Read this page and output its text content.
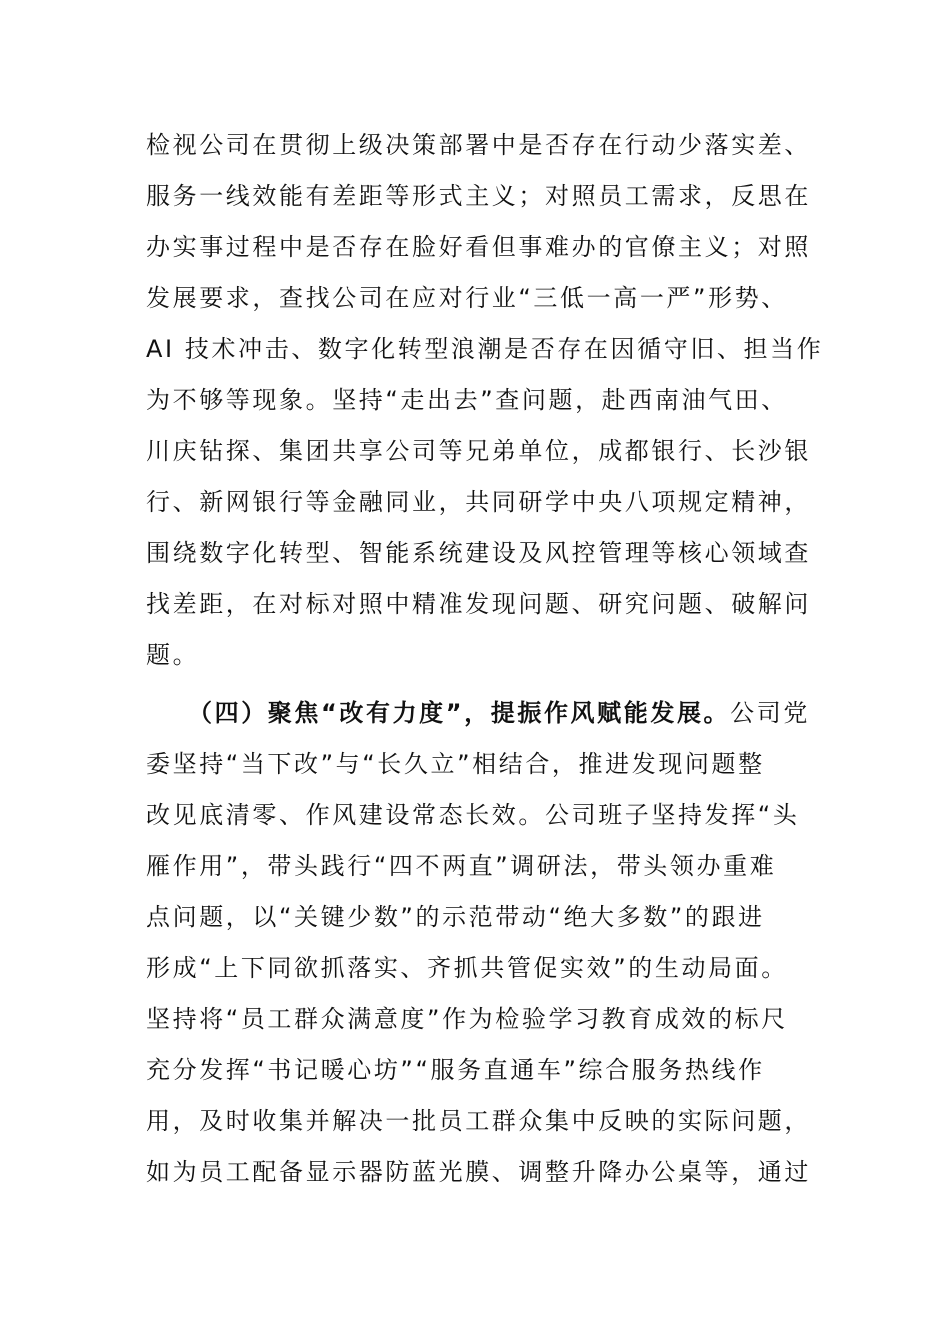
检视公司在贯彻上级决策部署中是否存在行动少落实差、
服务一线效能有差距等形式主义；对照员工需求，反思在
办实事过程中是否存在脸好看但事难办的官僚主义；对照
发展要求，查找公司在应对行业“三低一高一严”形势、
AI 技术冲击、数字化转型浪潮是否存在因循守旧、担当作
为不够等现象。坚持“走出去”查问题，赴西南油气田、
川庆钻探、集团共享公司等兄弟单位，成都银行、长沙银
行、新网银行等金融同业，共同研学中央八项规定精神，
围绕数字化转型、智能系统建设及风控管理等核心领域查
找差距，在对标对照中精准发现问题、研究问题、破解问
题。
（四）聚焦“改有力度”，提振作风赋能发展。公司党
委坚持“当下改”与“长久立”相结合，推进发现问题整
改见底清零、作风建设常态长效。公司班子坚持发挥“头
雁作用”，带头践行“四不两直”调研法，带头领办重难
点问题，以“关键少数”的示范带动“绝大多数”的跟进
形成“上下同欲抓落实、齐抓共管促实效”的生动局面。
坚持将“员工群众满意度”作为检验学习教育成效的标尺
充分发挥“书记暖心坊”“服务直通车”综合服务热线作
用，及时收集并解决一批员工群众集中反映的实际问题，
如为员工配备显示器防蓝光膜、调整升降办公桌等，通过
